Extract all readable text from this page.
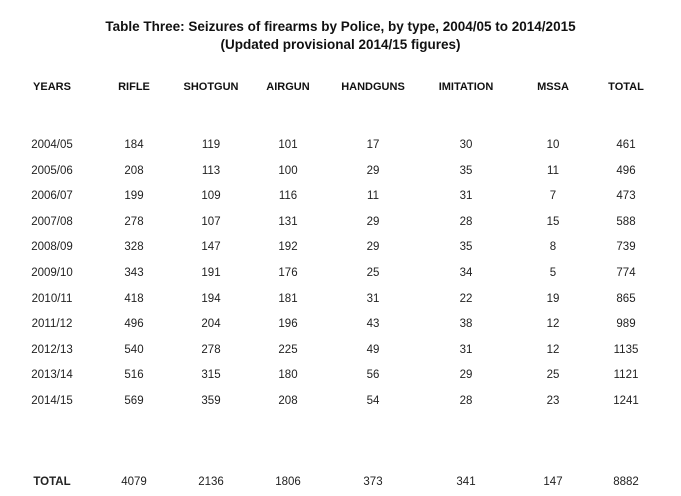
Table Three: Seizures of firearms by Police, by type, 2004/05 to 2014/2015
(Updated provisional 2014/15 figures)
YEARS	RIFLE	SHOTGUN	AIRGUN	HANDGUNS	IMITATION	MSSA	TOTAL
2004/05	184	119	101	17	30	10	461
2005/06	208	113	100	29	35	11	496
2006/07	199	109	116	11	31	7	473
2007/08	278	107	131	29	28	15	588
2008/09	328	147	192	29	35	8	739
2009/10	343	191	176	25	34	5	774
2010/11	418	194	181	31	22	19	865
2011/12	496	204	196	43	38	12	989
2012/13	540	278	225	49	31	12	1135
2013/14	516	315	180	56	29	25	1121
2014/15	569	359	208	54	28	23	1241
TOTAL	4079	2136	1806	373	341	147	8882
